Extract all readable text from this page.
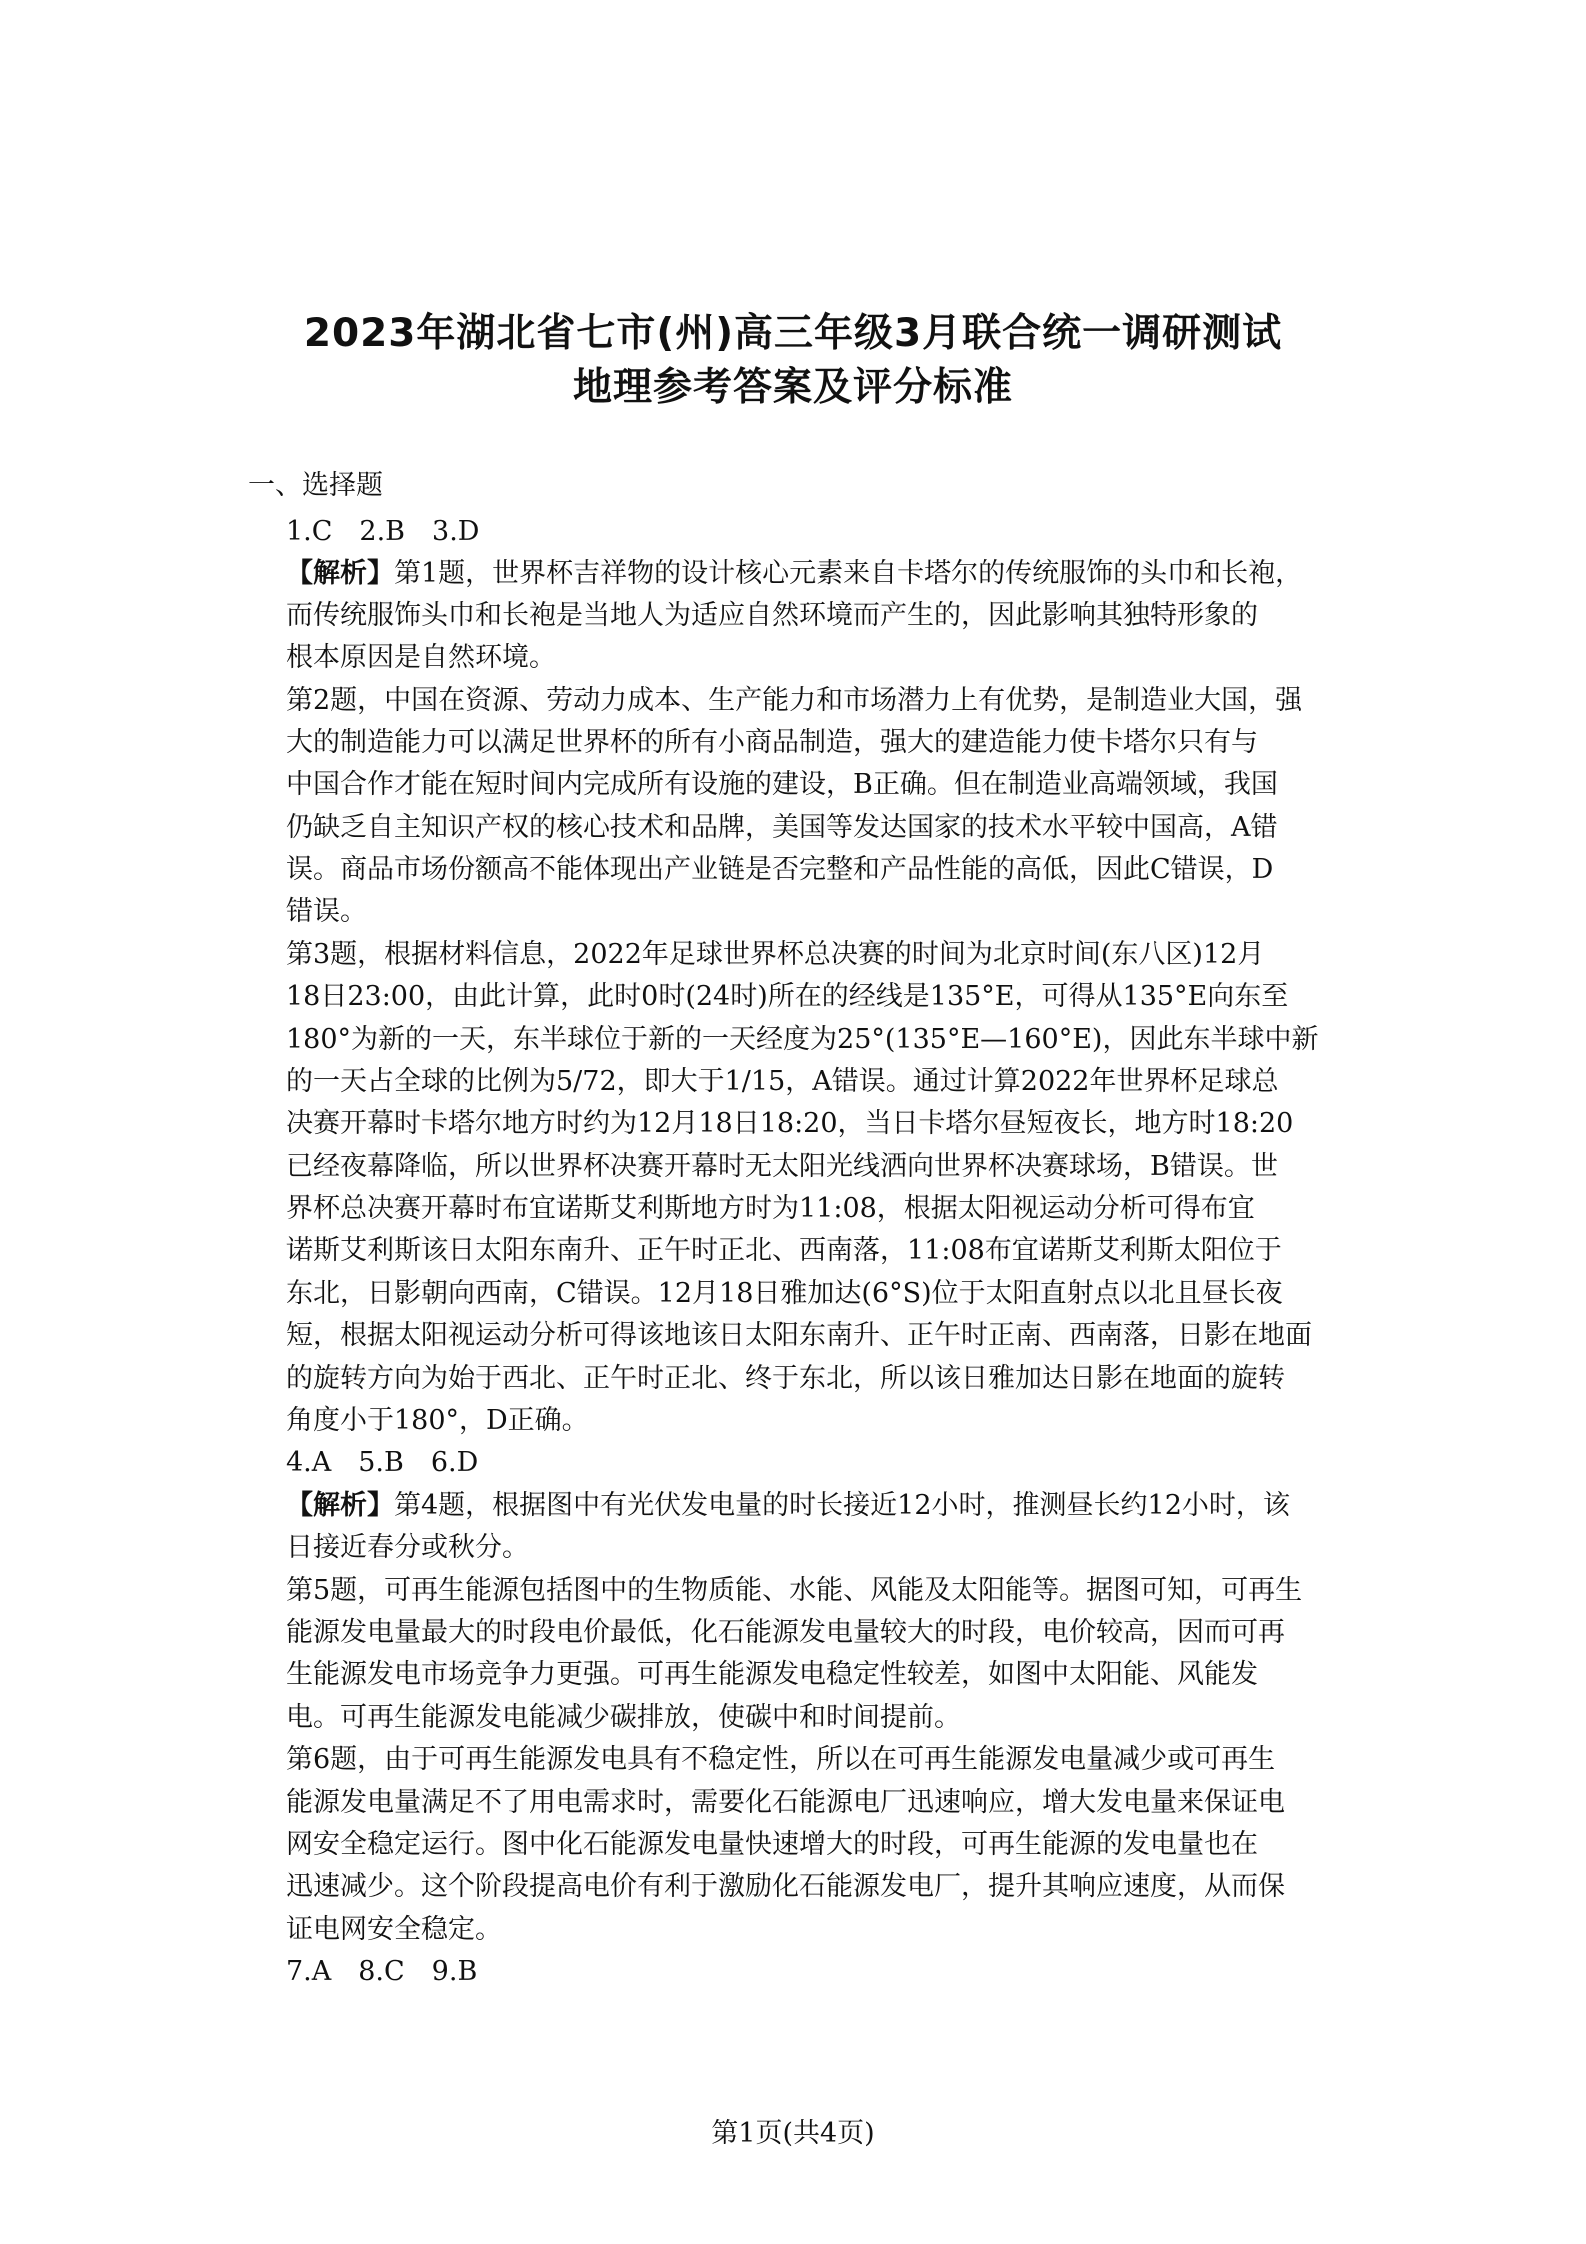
2023年湖北省七市(州)高三年级3月联合统一调研测试
地理参考答案及评分标准
一、选择题
1.C　2.B　3.D
【解析】第1题，世界杯吉祥物的设计核心元素来自卡塔尔的传统服饰的头巾和长袍，
而传统服饰头巾和长袍是当地人为适应自然环境而产生的，因此影响其独特形象的
根本原因是自然环境。
第2题，中国在资源、劳动力成本、生产能力和市场潜力上有优势，是制造业大国，强
大的制造能力可以满足世界杯的所有小商品制造，强大的建造能力使卡塔尔只有与
中国合作才能在短时间内完成所有设施的建设，B正确。但在制造业高端领域，我国
仍缺乏自主知识产权的核心技术和品牌，美国等发达国家的技术水平较中国高，A错
误。商品市场份额高不能体现出产业链是否完整和产品性能的高低，因此C错误，D
错误。
第3题，根据材料信息，2022年足球世界杯总决赛的时间为北京时间(东八区)12月
18日23:00，由此计算，此时0时(24时)所在的经线是135°E，可得从135°E向东至
180°为新的一天，东半球位于新的一天经度为25°(135°E—160°E)，因此东半球中新
的一天占全球的比例为5/72，即大于1/15，A错误。通过计算2022年世界杯足球总
决赛开幕时卡塔尔地方时约为12月18日18:20，当日卡塔尔昼短夜长，地方时18:20
已经夜幕降临，所以世界杯决赛开幕时无太阳光线洒向世界杯决赛球场，B错误。世
界杯总决赛开幕时布宜诺斯艾利斯地方时为11:08，根据太阳视运动分析可得布宜
诺斯艾利斯该日太阳东南升、正午时正北、西南落，11:08布宜诺斯艾利斯太阳位于
东北，日影朝向西南，C错误。12月18日雅加达(6°S)位于太阳直射点以北且昼长夜
短，根据太阳视运动分析可得该地该日太阳东南升、正午时正南、西南落，日影在地面
的旋转方向为始于西北、正午时正北、终于东北，所以该日雅加达日影在地面的旋转
角度小于180°，D正确。
4.A　5.B　6.D
【解析】第4题，根据图中有光伏发电量的时长接近12小时，推测昼长约12小时，该
日接近春分或秋分。
第5题，可再生能源包括图中的生物质能、水能、风能及太阳能等。据图可知，可再生
能源发电量最大的时段电价最低，化石能源发电量较大的时段，电价较高，因而可再
生能源发电市场竞争力更强。可再生能源发电稳定性较差，如图中太阳能、风能发
电。可再生能源发电能减少碳排放，使碳中和时间提前。
第6题，由于可再生能源发电具有不稳定性，所以在可再生能源发电量减少或可再生
能源发电量满足不了用电需求时，需要化石能源电厂迅速响应，增大发电量来保证电
网安全稳定运行。图中化石能源发电量快速增大的时段，可再生能源的发电量也在
迅速减少。这个阶段提高电价有利于激励化石能源发电厂，提升其响应速度，从而保
证电网安全稳定。
7.A　8.C　9.B
第1页(共4页)
